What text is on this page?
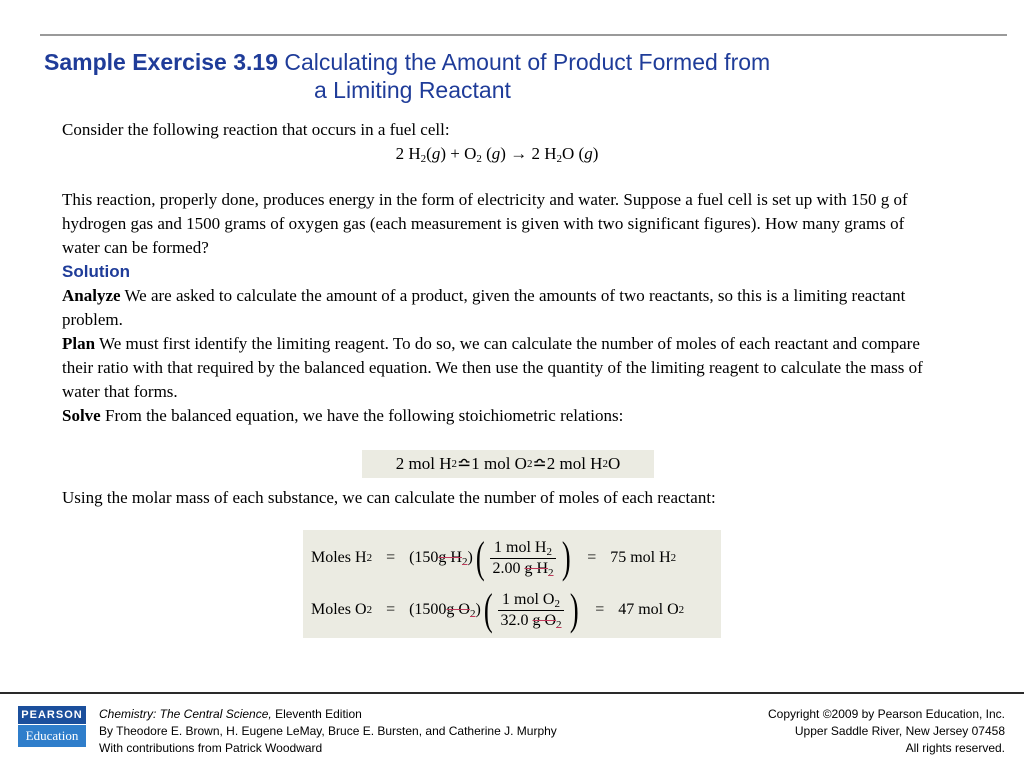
Sample Exercise 3.19 Calculating the Amount of Product Formed from
a Limiting Reactant

Consider the following reaction that occurs in a fuel cell:

2 $H_2(g) + O_2$ (g) → 2 $H_2O$ (g)

This reaction, properly done, produces energy in the form of electricity and water. Suppose a fuel cell is set up with 150 g of hydrogen gas and 1500 grams of oxygen gas (each measurement is given with two significant figures). How many grams of water can be formed?

Solution

Analyze We are asked to calculate the amount of a product, given the amounts of two reactants, so this is a limiting reactant problem.

Plan We must first identify the limiting reagent. To do so, we can calculate the number of moles of each reactant and compare their ratio with that required by the balanced equation. We then use the quantity of the limiting reagent to calculate the mass of water that forms.

Solve From the balanced equation, we have the following stoichiometric relations:

2 mol H 2 ≏ 1 mol O 2 ≏ 2 mol H 2 O
Using the molar mass of each substance, we can calculate the number of moles of each reactant:
Moles H 2 = (150 g $H_2$ ) ( $\frac{1 mol H_2}{2.00 g H_2}$ ) = 75 mol H 2
Moles O 2 = (1500 g $O_2$ ) ( $\frac{1 mol O_2}{32.0 g O_2}$ ) = 47 mol O 2
PEARSON
Education
Chemistry: The Central Science, Eleventh Edition
By Theodore E. Brown, H. Eugene LeMay, Bruce E. Bursten, and Catherine J. Murphy
With contributions from Patrick Woodward
Copyright ©2009 by Pearson Education, Inc.
Upper Saddle River, New Jersey 07458
All rights reserved.
